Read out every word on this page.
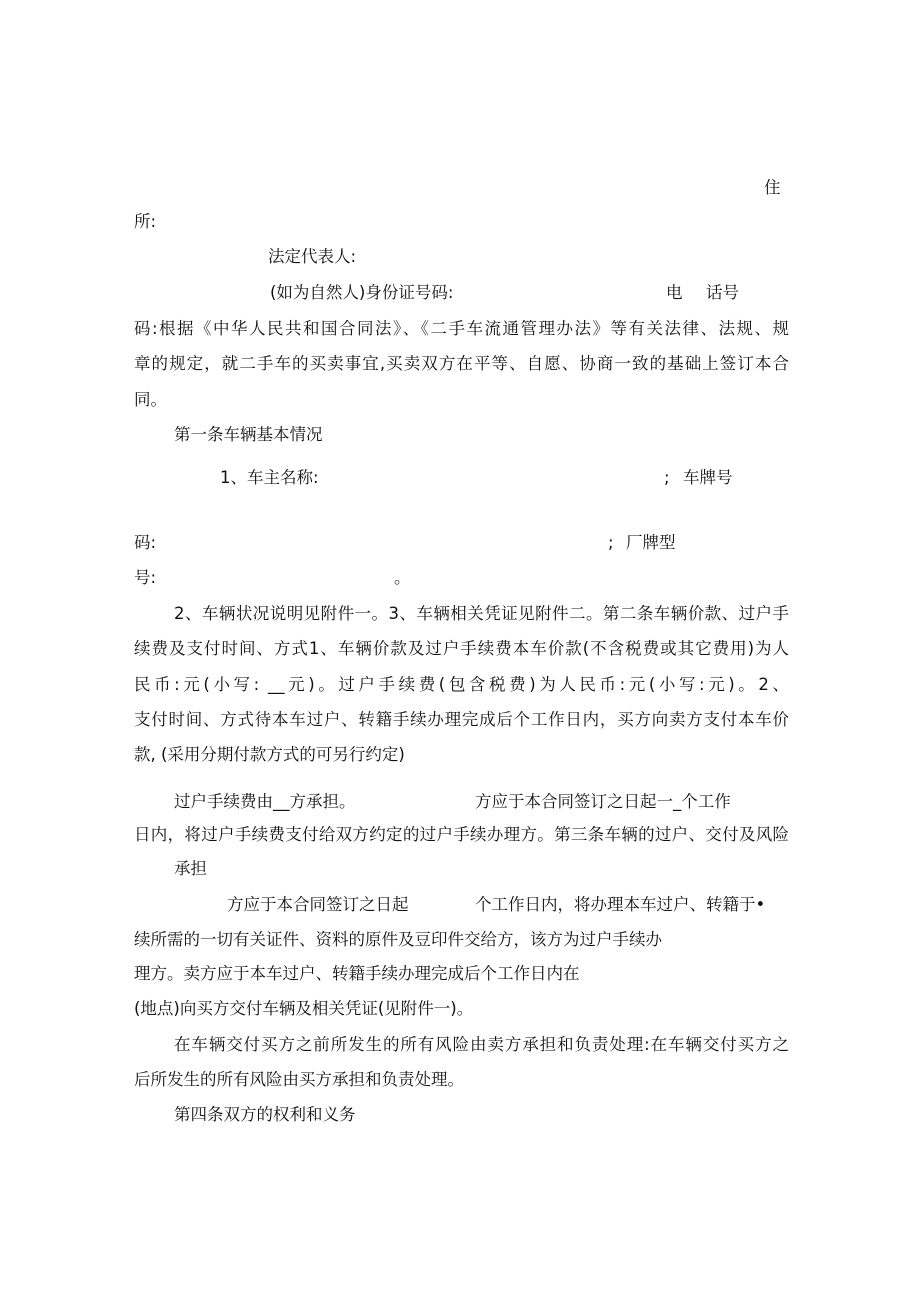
住
所:
法定代表人:
(如为自然人)身份证号码:	电 话号
码:根据《中华人民共和国合同法》、《二手车流通管理办法》等有关法律、法规、规
章的规定，就二手车的买卖事宜,买卖双方在平等、自愿、协商一致的基础上签订本合
同。
第一条车辆基本情况
1、车主名称:	; 车牌号
码:	; 厂牌型
号:	。
2、车辆状况说明见附件一。3、车辆相关凭证见附件二。第二条车辆价款、过户手
续费及支付时间、方式1、车辆价款及过户手续费本车价款(不含税费或其它费用)为人
民币:元(小写: __元)。过户手续费(包含税费)为人民币:元(小写:元)。2、
支付时间、方式待本车过户、转籍手续办理完成后个工作日内，买方向卖方支付本车价
款, (采用分期付款方式的可另行约定)
过户手续费由__方承担。	方应于本合同签订之日起一_个工作
日内，将过户手续费支付给双方约定的过户手续办理方。第三条车辆的过户、交付及风险
承担
方应于本合同签订之日起	个工作日内，将办理本车过户、转籍于•
续所需的一切有关证件、资料的原件及豆印件交给方，该方为过户手续办
理方。卖方应于本车过户、转籍手续办理完成后个工作日内在
(地点)向买方交付车辆及相关凭证(见附件一)。
在车辆交付买方之前所发生的所有风险由卖方承担和负责处理:在车辆交付买方之
后所发生的所有风险由买方承担和负责处理。
第四条双方的权利和义务
